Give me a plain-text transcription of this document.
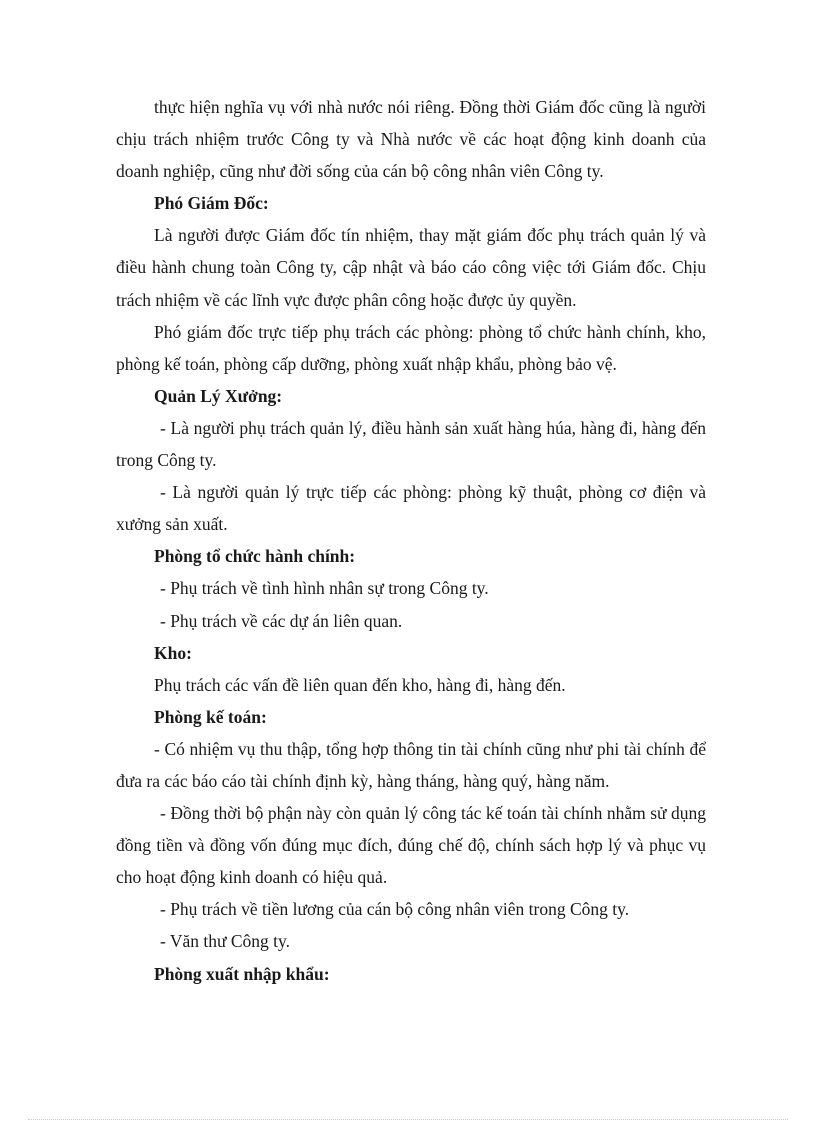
thực hiện nghĩa vụ với nhà nước nói riêng. Đồng thời Giám đốc cũng là người chịu trách nhiệm trước Công ty và Nhà nước về các hoạt động kinh doanh của doanh nghiệp, cũng như đời sống của cán bộ công nhân viên Công ty.

Phó Giám Đốc:

Là người được Giám đốc tín nhiệm, thay mặt giám đốc phụ trách quản lý và điều hành chung toàn Công ty, cập nhật và báo cáo công việc tới Giám đốc. Chịu trách nhiệm về các lĩnh vực được phân công hoặc được ủy quyền.

Phó giám đốc trực tiếp phụ trách các phòng: phòng tổ chức hành chính, kho, phòng kế toán, phòng cấp dưỡng, phòng xuất nhập khẩu, phòng bảo vệ.

Quản Lý Xưởng:

- Là người phụ trách quản lý, điều hành sản xuất hàng húa, hàng đi, hàng đến trong Công ty.

- Là người quản lý trực tiếp các phòng: phòng kỹ thuật, phòng cơ điện và xưởng sản xuất.

Phòng tổ chức hành chính:

- Phụ trách về tình hình nhân sự trong Công ty.

- Phụ trách về các dự án liên quan.

Kho:

Phụ trách các vấn đề liên quan đến kho, hàng đi, hàng đến.

Phòng kế toán:

- Có nhiệm vụ thu thập, tổng hợp thông tin tài chính cũng như phi tài chính để đưa ra các báo cáo tài chính định kỳ, hàng tháng, hàng quý, hàng năm.

- Đồng thời bộ phận này còn quản lý công tác kế toán tài chính nhằm sử dụng đồng tiền và đồng vốn đúng mục đích, đúng chế độ, chính sách hợp lý và phục vụ cho hoạt động kinh doanh có hiệu quả.

- Phụ trách về tiền lương của cán bộ công nhân viên trong Công ty.

- Văn thư Công ty.

Phòng xuất nhập khẩu:
